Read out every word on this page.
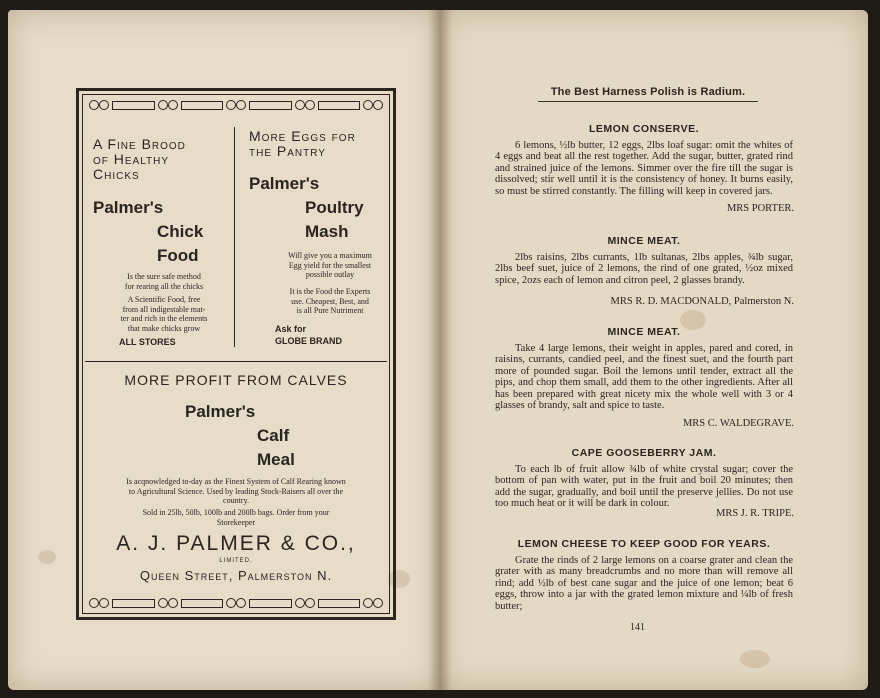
A Fine Brood
of Healthy
Chicks

Palmer's
Chick
Food
Is the sure safe method
for rearing all the chicks
A Scientific Food, free
from all indigestable mat-
ter and rich in the elements
that make chicks grow
ALL STORES

More Eggs for
the Pantry

Palmer's
Poultry
Mash
Will give you a maximum
Egg yield for the smallest
possible outlay
It is the Food the Experts
use. Cheapest, Best, and
is all Pure Nutriment
Ask for
GLOBE BRAND

MORE PROFIT FROM CALVES

Palmer's
Calf
Meal
Is acqnowledged to-day as the Finest System of Calf Rearing known
to Agricultural Science. Used by leading Stock-Raisers all over the
country.
Sold in 25lb, 50lb, 100lb and 200lb bags. Order from your
Storekeeper
A. J. PALMER & CO.,
LIMITED.
Queen Street, Palmerston N.
The Best Harness Polish is Radium.
LEMON CONSERVE.
6 lemons, ½lb butter, 12 eggs, 2lbs loaf sugar: omit the whites of 4 eggs and beat all the rest together. Add the sugar, butter, grated rind and strained juice of the lemons. Simmer over the fire till the sugar is dissolved; stir well until it is the consistency of honey. It burns easily, so must be stirred constantly. The filling will keep in covered jars.
MRS PORTER.
MINCE MEAT.
2lbs raisins, 2lbs currants, 1lb sultanas, 2lbs apples, ¾lb sugar, 2lbs beef suet, juice of 2 lemons, the rind of one grated, ½oz mixed spice, 2ozs each of lemon and citron peel, 2 glasses brandy.
MRS R. D. MACDONALD, Palmerston N.
MINCE MEAT.
Take 4 large lemons, their weight in apples, pared and cored, in raisins, currants, candied peel, and the finest suet, and the fourth part more of pounded sugar. Boil the lemons until tender, extract all the pips, and chop them small, add them to the other ingredients. After all has been prepared with great nicety mix the whole well with 3 or 4 glasses of brandy, salt and spice to taste.
MRS C. WALDEGRAVE.
CAPE GOOSEBERRY JAM.
To each lb of fruit allow ¾lb of white crystal sugar; cover the bottom of pan with water, put in the fruit and boil 20 minutes; then add the sugar, gradually, and boil until the preserve jellies. Do not use too much heat or it will be dark in colour.
MRS J. R. TRIPE.
LEMON CHEESE TO KEEP GOOD FOR YEARS.
Grate the rinds of 2 large lemons on a coarse grater and clean the grater with as many breadcrumbs and no more than will remove all rind; add ½lb of best cane sugar and the juice of one lemon; beat 6 eggs, throw into a jar with the grated lemon mixture and ¼lb of fresh butter;
141
